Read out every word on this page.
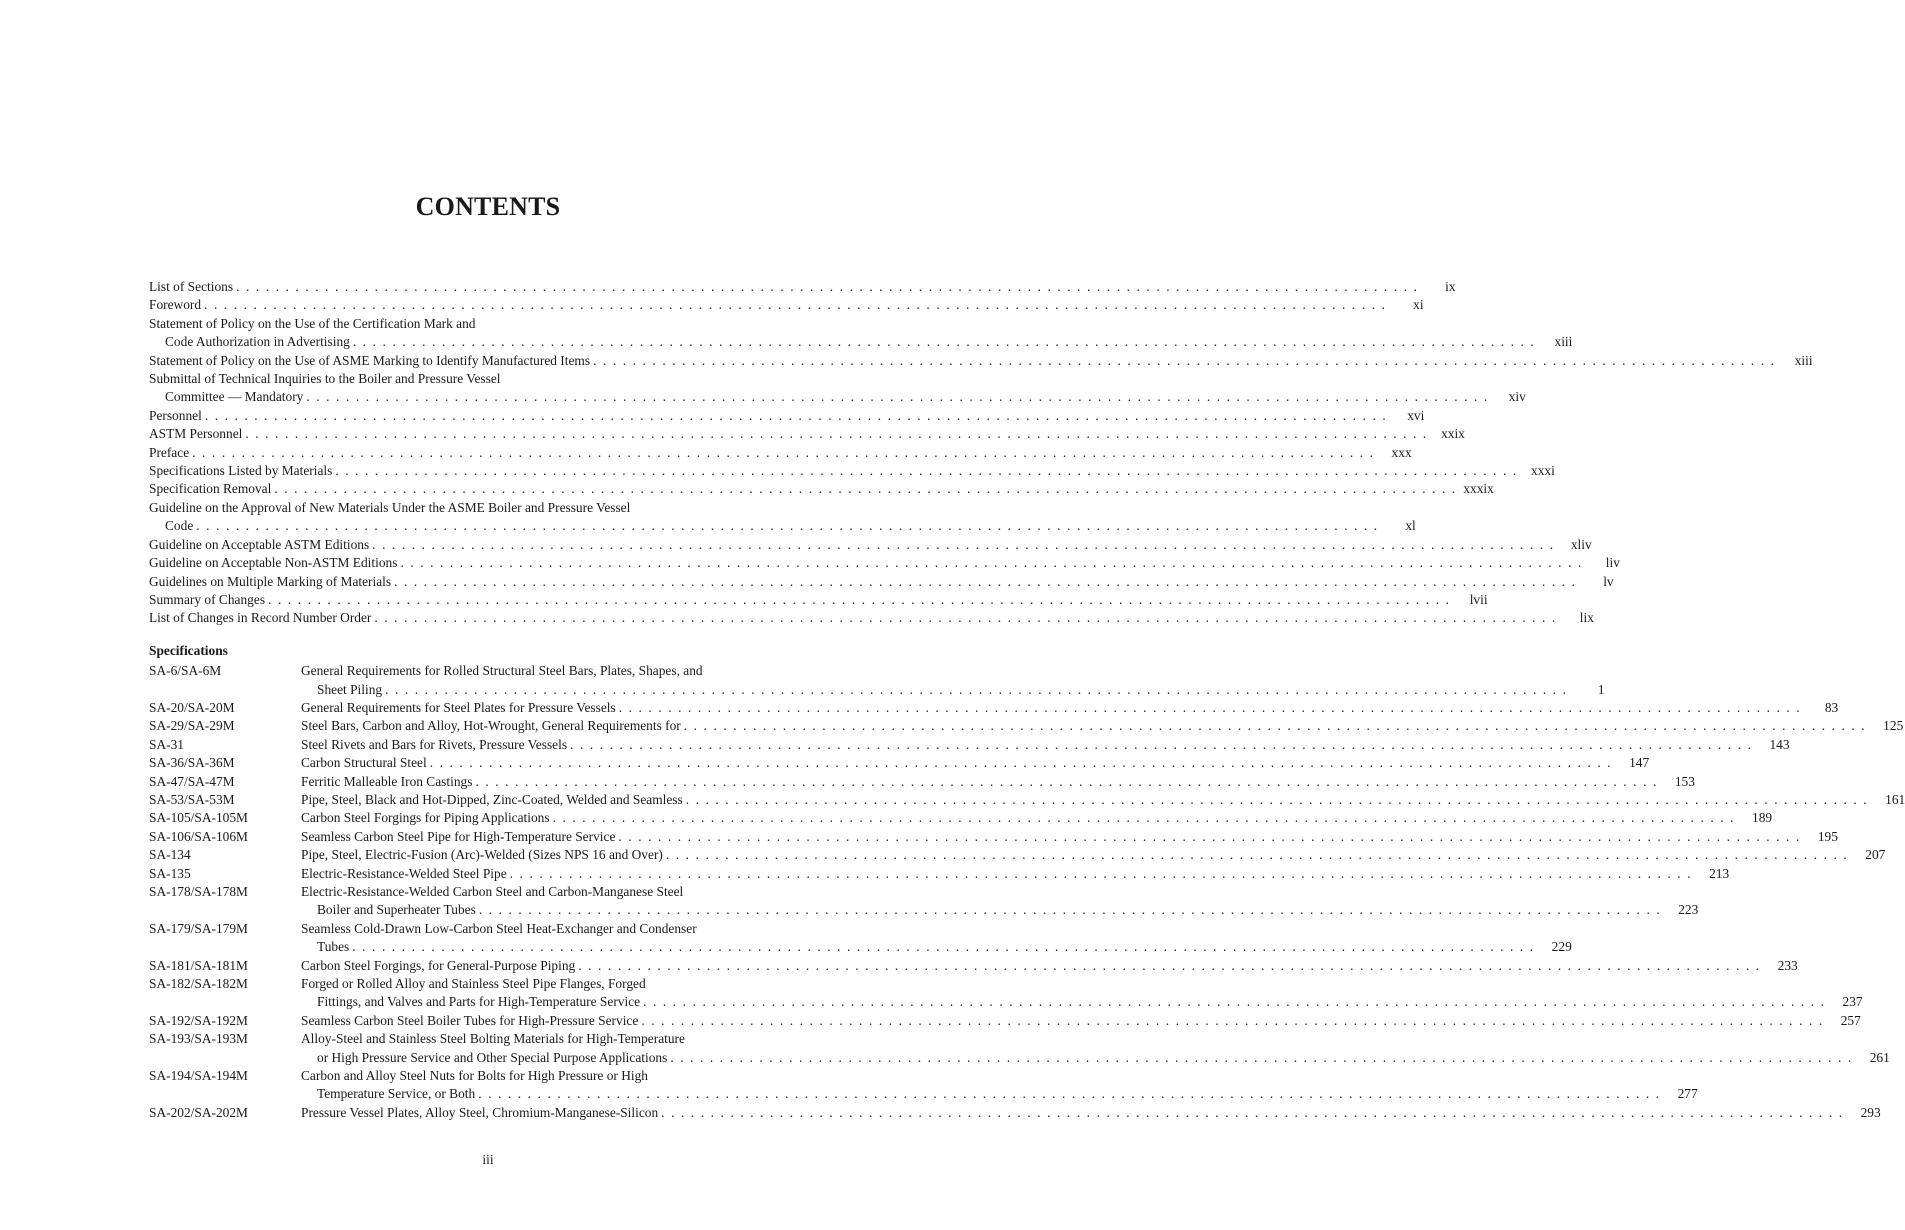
CONTENTS
List of Sections . . . . . . . . . . . . . . . . . . . . . . . . . . . . . . . . . . . . . . . . . . . . . . . . . . . . . . . . . . . . . . . . . . . . . . . . . . . . . . . . . . . . . . . . . . . . . . . . . . . . . . . . . . . . . . . . . . . . . . . .	ix
Foreword . . . . . . . . . . . . . . . . . . . . . . . . . . . . . . . . . . . . . . . . . . . . . . . . . . . . . . . . . . . . . . . . . . . . . . . . . . . . . . . . . . . . . . . . . . . . . . . . . . . . . . . . . . . . . . . . . . . . . . . .	xi
Statement of Policy on the Use of the Certification Mark and
Code Authorization in Advertising . . . . . . . . . . . . . . . . . . . . . . . . . . . . . . . . . . . . . . . . . . . . . . . . . . . . . . . . . . . . . . . . . . . . . . . . . . . . . . . . . . . . . . . . . . . . . . . . . . . . . . . . . . . . . . . . . . . . . . . .	xiii
Statement of Policy on the Use of ASME Marking to Identify Manufactured Items . . . . . . . . . . . . . . . . . . . . . . . . . . . . . . . . . . . . . . . . . . . . . . . . . . . . . . . . . . . . . . . . . . . . . . . . . . . . . . . . . . . . . . . . . . . . . . . . . . . . . . . . . . . . . . . . . . . . . . . .	xiii
Submittal of Technical Inquiries to the Boiler and Pressure Vessel
Committee — Mandatory . . . . . . . . . . . . . . . . . . . . . . . . . . . . . . . . . . . . . . . . . . . . . . . . . . . . . . . . . . . . . . . . . . . . . . . . . . . . . . . . . . . . . . . . . . . . . . . . . . . . . . . . . . . . . . . . . . . . . . . .	xiv
Personnel . . . . . . . . . . . . . . . . . . . . . . . . . . . . . . . . . . . . . . . . . . . . . . . . . . . . . . . . . . . . . . . . . . . . . . . . . . . . . . . . . . . . . . . . . . . . . . . . . . . . . . . . . . . . . . . . . . . . . . . .	xvi
ASTM Personnel . . . . . . . . . . . . . . . . . . . . . . . . . . . . . . . . . . . . . . . . . . . . . . . . . . . . . . . . . . . . . . . . . . . . . . . . . . . . . . . . . . . . . . . . . . . . . . . . . . . . . . . . . . . . . . . . . . . . . . . . xxix
Preface . . . . . . . . . . . . . . . . . . . . . . . . . . . . . . . . . . . . . . . . . . . . . . . . . . . . . . . . . . . . . . . . . . . . . . . . . . . . . . . . . . . . . . . . . . . . . . . . . . . . . . . . . . . . . . . . . . . . . . . .	xxx
Specifications Listed by Materials . . . . . . . . . . . . . . . . . . . . . . . . . . . . . . . . . . . . . . . . . . . . . . . . . . . . . . . . . . . . . . . . . . . . . . . . . . . . . . . . . . . . . . . . . . . . . . . . . . . . . . . . . . . . . . . . . . . . . . . . xxxi
Specification Removal . . . . . . . . . . . . . . . . . . . . . . . . . . . . . . . . . . . . . . . . . . . . . . . . . . . . . . . . . . . . . . . . . . . . . . . . . . . . . . . . . . . . . . . . . . . . . . . . . . . . . . . . . . . . . . . . . . . . . . . . xxxix
Guideline on the Approval of New Materials Under the ASME Boiler and Pressure Vessel
Code . . . . . . . . . . . . . . . . . . . . . . . . . . . . . . . . . . . . . . . . . . . . . . . . . . . . . . . . . . . . . . . . . . . . . . . . . . . . . . . . . . . . . . . . . . . . . . . . . . . . . . . . . . . . . . . . . . . . . . . .	xl
Guideline on Acceptable ASTM Editions . . . . . . . . . . . . . . . . . . . . . . . . . . . . . . . . . . . . . . . . . . . . . . . . . . . . . . . . . . . . . . . . . . . . . . . . . . . . . . . . . . . . . . . . . . . . . . . . . . . . . . . . . . . . . . . . . . . . . . . .	xliv
Guideline on Acceptable Non-ASTM Editions . . . . . . . . . . . . . . . . . . . . . . . . . . . . . . . . . . . . . . . . . . . . . . . . . . . . . . . . . . . . . . . . . . . . . . . . . . . . . . . . . . . . . . . . . . . . . . . . . . . . . . . . . . . . . . . . . . . . . . . .	liv
Guidelines on Multiple Marking of Materials . . . . . . . . . . . . . . . . . . . . . . . . . . . . . . . . . . . . . . . . . . . . . . . . . . . . . . . . . . . . . . . . . . . . . . . . . . . . . . . . . . . . . . . . . . . . . . . . . . . . . . . . . . . . . . . . . . . . . . . .	lv
Summary of Changes . . . . . . . . . . . . . . . . . . . . . . . . . . . . . . . . . . . . . . . . . . . . . . . . . . . . . . . . . . . . . . . . . . . . . . . . . . . . . . . . . . . . . . . . . . . . . . . . . . . . . . . . . . . . . . . . . . . . . . . .	lvii
List of Changes in Record Number Order . . . . . . . . . . . . . . . . . . . . . . . . . . . . . . . . . . . . . . . . . . . . . . . . . . . . . . . . . . . . . . . . . . . . . . . . . . . . . . . . . . . . . . . . . . . . . . . . . . . . . . . . . . . . . . . . . . . . . . . .	lix
Specifications
SA-6/SA-6M	General Requirements for Rolled Structural Steel Bars, Plates, Shapes, and
Sheet Piling . . . . . . . . . . . . . . . . . . . . . . . . . . . . . . . . . . . . . . . . . . . . . . . . . . . . . . . . . . . . . . . . . . . . . . . . . . . . . . . . . . . . . . . . . . . . . . . . . . . . . . . . . . . . . . . . . . . . . . . .	1
SA-20/SA-20M	General Requirements for Steel Plates for Pressure Vessels . . . . . . . . . . . . . . . . . . . . . . . . . . . . . . . . . . . . . . . . . . . . . . . . . . . . . . . . . . . . . . . . . . . . . . . . . . . . . . . . . . . . . . . . . . . . . . . . . . . . . . . . . . . . . . . . . . . . . . . .	83
SA-29/SA-29M	Steel Bars, Carbon and Alloy, Hot-Wrought, General Requirements for . . . . . . . . . . . . . . . . . . . . . . . . . . . . . . . . . . . . . . . . . . . . . . . . . . . . . . . . . . . . . . . . . . . . . . . . . . . . . . . . . . . . . . . . . . . . . . . . . . . . . . . . . . . . . . . . . . . . . . . .	125
SA-31	Steel Rivets and Bars for Rivets, Pressure Vessels . . . . . . . . . . . . . . . . . . . . . . . . . . . . . . . . . . . . . . . . . . . . . . . . . . . . . . . . . . . . . . . . . . . . . . . . . . . . . . . . . . . . . . . . . . . . . . . . . . . . . . . . . . . . . . . . . . . . . . . .	143
SA-36/SA-36M	Carbon Structural Steel . . . . . . . . . . . . . . . . . . . . . . . . . . . . . . . . . . . . . . . . . . . . . . . . . . . . . . . . . . . . . . . . . . . . . . . . . . . . . . . . . . . . . . . . . . . . . . . . . . . . . . . . . . . . . . . . . . . . . . . .	147
SA-47/SA-47M	Ferritic Malleable Iron Castings . . . . . . . . . . . . . . . . . . . . . . . . . . . . . . . . . . . . . . . . . . . . . . . . . . . . . . . . . . . . . . . . . . . . . . . . . . . . . . . . . . . . . . . . . . . . . . . . . . . . . . . . . . . . . . . . . . . . . . . .	153
SA-53/SA-53M	Pipe, Steel, Black and Hot-Dipped, Zinc-Coated, Welded and Seamless . . . . . . . . . . . . . . . . . . . . . . . . . . . . . . . . . . . . . . . . . . . . . . . . . . . . . . . . . . . . . . . . . . . . . . . . . . . . . . . . . . . . . . . . . . . . . . . . . . . . . . . . . . . . . . . . . . . . . . . .	161
SA-105/SA-105M	Carbon Steel Forgings for Piping Applications . . . . . . . . . . . . . . . . . . . . . . . . . . . . . . . . . . . . . . . . . . . . . . . . . . . . . . . . . . . . . . . . . . . . . . . . . . . . . . . . . . . . . . . . . . . . . . . . . . . . . . . . . . . . . . . . . . . . . . . .	189
SA-106/SA-106M	Seamless Carbon Steel Pipe for High-Temperature Service . . . . . . . . . . . . . . . . . . . . . . . . . . . . . . . . . . . . . . . . . . . . . . . . . . . . . . . . . . . . . . . . . . . . . . . . . . . . . . . . . . . . . . . . . . . . . . . . . . . . . . . . . . . . . . . . . . . . . . . .	195
SA-134	Pipe, Steel, Electric-Fusion (Arc)-Welded (Sizes NPS 16 and Over) . . . . . . . . . . . . . . . . . . . . . . . . . . . . . . . . . . . . . . . . . . . . . . . . . . . . . . . . . . . . . . . . . . . . . . . . . . . . . . . . . . . . . . . . . . . . . . . . . . . . . . . . . . . . . . . . . . . . . . . .	207
SA-135	Electric-Resistance-Welded Steel Pipe . . . . . . . . . . . . . . . . . . . . . . . . . . . . . . . . . . . . . . . . . . . . . . . . . . . . . . . . . . . . . . . . . . . . . . . . . . . . . . . . . . . . . . . . . . . . . . . . . . . . . . . . . . . . . . . . . . . . . . . .	213
SA-178/SA-178M	Electric-Resistance-Welded Carbon Steel and Carbon-Manganese Steel
Boiler and Superheater Tubes . . . . . . . . . . . . . . . . . . . . . . . . . . . . . . . . . . . . . . . . . . . . . . . . . . . . . . . . . . . . . . . . . . . . . . . . . . . . . . . . . . . . . . . . . . . . . . . . . . . . . . . . . . . . . . . . . . . . . . . .	223
SA-179/SA-179M	Seamless Cold-Drawn Low-Carbon Steel Heat-Exchanger and Condenser
Tubes . . . . . . . . . . . . . . . . . . . . . . . . . . . . . . . . . . . . . . . . . . . . . . . . . . . . . . . . . . . . . . . . . . . . . . . . . . . . . . . . . . . . . . . . . . . . . . . . . . . . . . . . . . . . . . . . . . . . . . . .	229
SA-181/SA-181M	Carbon Steel Forgings, for General-Purpose Piping . . . . . . . . . . . . . . . . . . . . . . . . . . . . . . . . . . . . . . . . . . . . . . . . . . . . . . . . . . . . . . . . . . . . . . . . . . . . . . . . . . . . . . . . . . . . . . . . . . . . . . . . . . . . . . . . . . . . . . . .	233
SA-182/SA-182M	Forged or Rolled Alloy and Stainless Steel Pipe Flanges, Forged
Fittings, and Valves and Parts for High-Temperature Service . . . . . . . . . . . . . . . . . . . . . . . . . . . . . . . . . . . . . . . . . . . . . . . . . . . . . . . . . . . . . . . . . . . . . . . . . . . . . . . . . . . . . . . . . . . . . . . . . . . . . . . . . . . . . . . . . . . . . . . .	237
SA-192/SA-192M	Seamless Carbon Steel Boiler Tubes for High-Pressure Service . . . . . . . . . . . . . . . . . . . . . . . . . . . . . . . . . . . . . . . . . . . . . . . . . . . . . . . . . . . . . . . . . . . . . . . . . . . . . . . . . . . . . . . . . . . . . . . . . . . . . . . . . . . . . . . . . . . . . . . .	257
SA-193/SA-193M	Alloy-Steel and Stainless Steel Bolting Materials for High-Temperature
or High Pressure Service and Other Special Purpose Applications . . . . . . . . . . . . . . . . . . . . . . . . . . . . . . . . . . . . . . . . . . . . . . . . . . . . . . . . . . . . . . . . . . . . . . . . . . . . . . . . . . . . . . . . . . . . . . . . . . . . . . . . . . . . . . . . . . . . . . . .	261
SA-194/SA-194M	Carbon and Alloy Steel Nuts for Bolts for High Pressure or High
Temperature Service, or Both . . . . . . . . . . . . . . . . . . . . . . . . . . . . . . . . . . . . . . . . . . . . . . . . . . . . . . . . . . . . . . . . . . . . . . . . . . . . . . . . . . . . . . . . . . . . . . . . . . . . . . . . . . . . . . . . . . . . . . . .	277
SA-202/SA-202M	Pressure Vessel Plates, Alloy Steel, Chromium-Manganese-Silicon . . . . . . . . . . . . . . . . . . . . . . . . . . . . . . . . . . . . . . . . . . . . . . . . . . . . . . . . . . . . . . . . . . . . . . . . . . . . . . . . . . . . . . . . . . . . . . . . . . . . . . . . . . . . . . . . . . . . . . . .	293
iii
